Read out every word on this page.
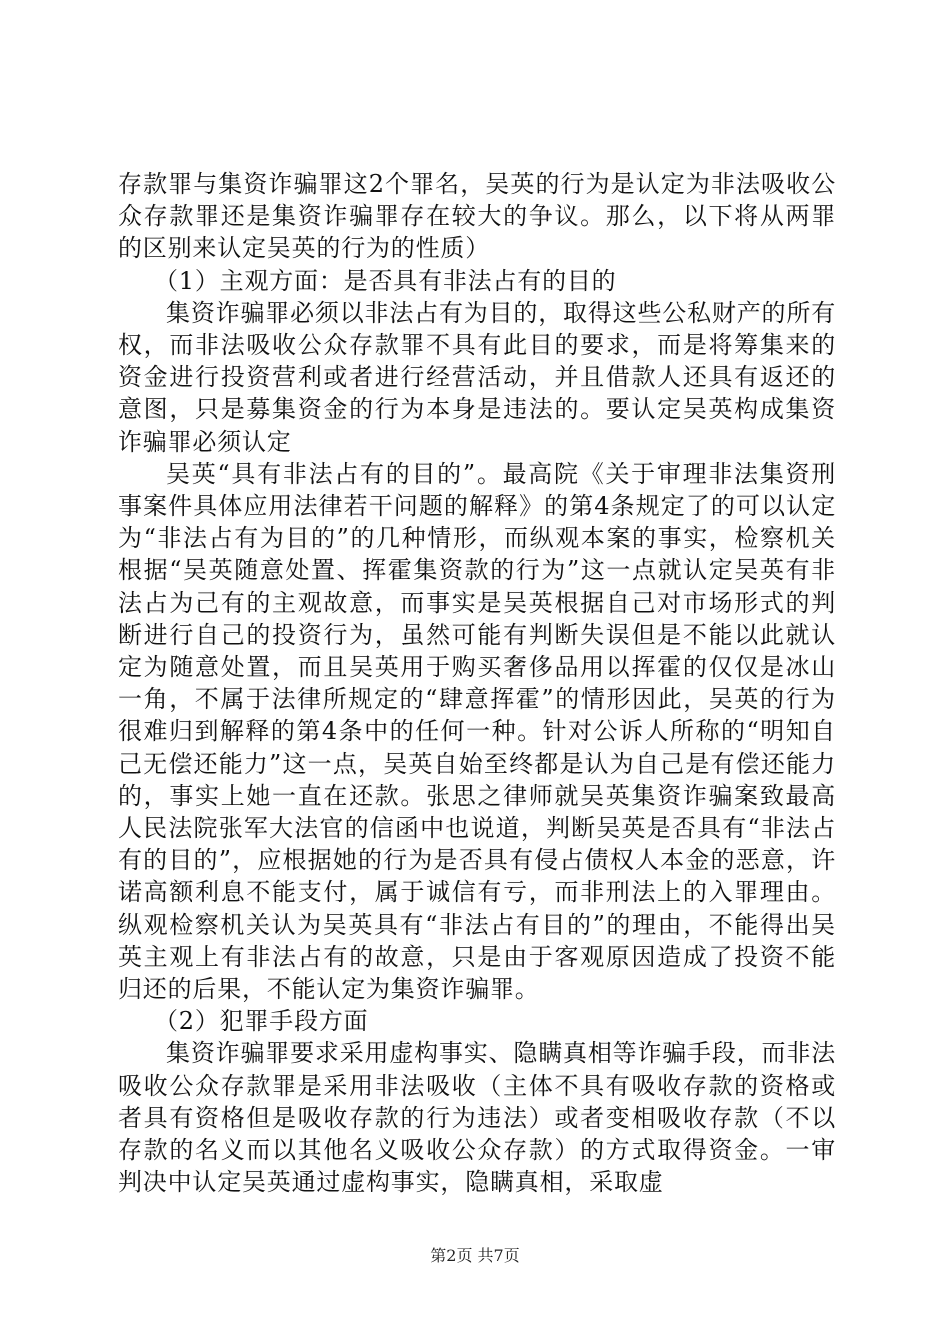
存款罪与集资诈骗罪这2个罪名，吴英的行为是认定为非法吸收公众存款罪还是集资诈骗罪存在较大的争议。那么，以下将从两罪的区别来认定吴英的行为的性质）

（1）主观方面：是否具有非法占有的目的

集资诈骗罪必须以非法占有为目的，取得这些公私财产的所有权，而非法吸收公众存款罪不具有此目的要求，而是将筹集来的资金进行投资营利或者进行经营活动，并且借款人还具有返还的意图，只是募集资金的行为本身是违法的。要认定吴英构成集资诈骗罪必须认定

吴英“具有非法占有的目的”。最高院《关于审理非法集资刑事案件具体应用法律若干问题的解释》的第4条规定了的可以认定为“非法占有为目的”的几种情形，而纵观本案的事实，检察机关根据“吴英随意处置、挥霍集资款的行为”这一点就认定吴英有非法占为己有的主观故意，而事实是吴英根据自己对市场形式的判断进行自己的投资行为，虽然可能有判断失误但是不能以此就认定为随意处置，而且吴英用于购买奢侈品用以挥霍的仅仅是冰山一角，不属于法律所规定的“肆意挥霍”的情形因此，吴英的行为很难归到解释的第4条中的任何一种。针对公诉人所称的“明知自己无偿还能力”这一点，吴英自始至终都是认为自己是有偿还能力的，事实上她一直在还款。张思之律师就吴英集资诈骗案致最高人民法院张军大法官的信函中也说道，判断吴英是否具有“非法占有的目的”，应根据她的行为是否具有侵占债权人本金的恶意，许诺高额利息不能支付，属于诚信有亏，而非刑法上的入罪理由。纵观检察机关认为吴英具有“非法占有目的”的理由，不能得出吴英主观上有非法占有的故意，只是由于客观原因造成了投资不能归还的后果，不能认定为集资诈骗罪。

（2）犯罪手段方面

集资诈骗罪要求采用虚构事实、隐瞒真相等诈骗手段，而非法吸收公众存款罪是采用非法吸收（主体不具有吸收存款的资格或者具有资格但是吸收存款的行为违法）或者变相吸收存款（不以存款的名义而以其他名义吸收公众存款）的方式取得资金。一审判决中认定吴英通过虚构事实，隐瞒真相，采取虚

第2页 共7页
